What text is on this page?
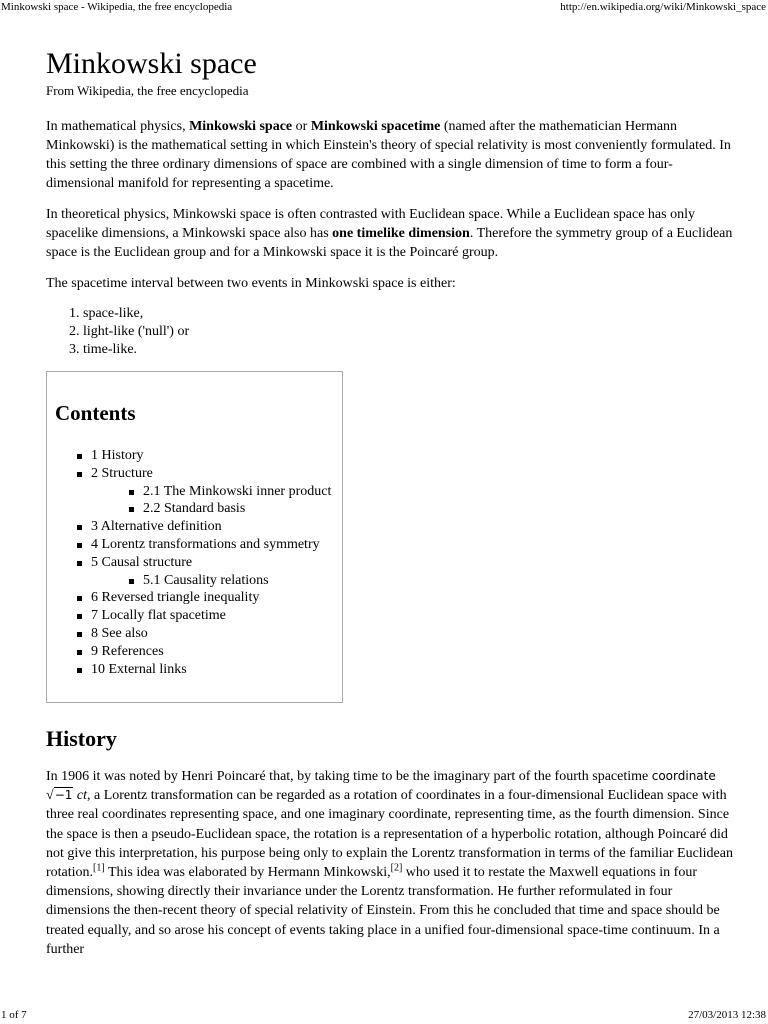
Minkowski space - Wikipedia, the free encyclopedia	http://en.wikipedia.org/wiki/Minkowski_space
Minkowski space
From Wikipedia, the free encyclopedia

In mathematical physics, Minkowski space or Minkowski spacetime (named after the mathematician Hermann Minkowski) is the mathematical setting in which Einstein's theory of special relativity is most conveniently formulated. In this setting the three ordinary dimensions of space are combined with a single dimension of time to form a four-dimensional manifold for representing a spacetime.

In theoretical physics, Minkowski space is often contrasted with Euclidean space. While a Euclidean space has only spacelike dimensions, a Minkowski space also has one timelike dimension. Therefore the symmetry group of a Euclidean space is the Euclidean group and for a Minkowski space it is the Poincaré group.

The spacetime interval between two events in Minkowski space is either:

1. space-like,
2. light-like ('null') or
3. time-like.
Contents
1 History
2 Structure
2.1 The Minkowski inner product
2.2 Standard basis
3 Alternative definition
4 Lorentz transformations and symmetry
5 Causal structure
5.1 Causality relations
6 Reversed triangle inequality
7 Locally flat spacetime
8 See also
9 References
10 External links
History

In 1906 it was noted by Henri Poincaré that, by taking time to be the imaginary part of the fourth spacetime coordinate √−1 ct, a Lorentz transformation can be regarded as a rotation of coordinates in a four-dimensional Euclidean space with three real coordinates representing space, and one imaginary coordinate, representing time, as the fourth dimension. Since the space is then a pseudo-Euclidean space, the rotation is a representation of a hyperbolic rotation, although Poincaré did not give this interpretation, his purpose being only to explain the Lorentz transformation in terms of the familiar Euclidean rotation.[1] This idea was elaborated by Hermann Minkowski,[2] who used it to restate the Maxwell equations in four dimensions, showing directly their invariance under the Lorentz transformation. He further reformulated in four dimensions the then-recent theory of special relativity of Einstein. From this he concluded that time and space should be treated equally, and so arose his concept of events taking place in a unified four-dimensional space-time continuum. In a further

1 of 7	27/03/2013 12:38
